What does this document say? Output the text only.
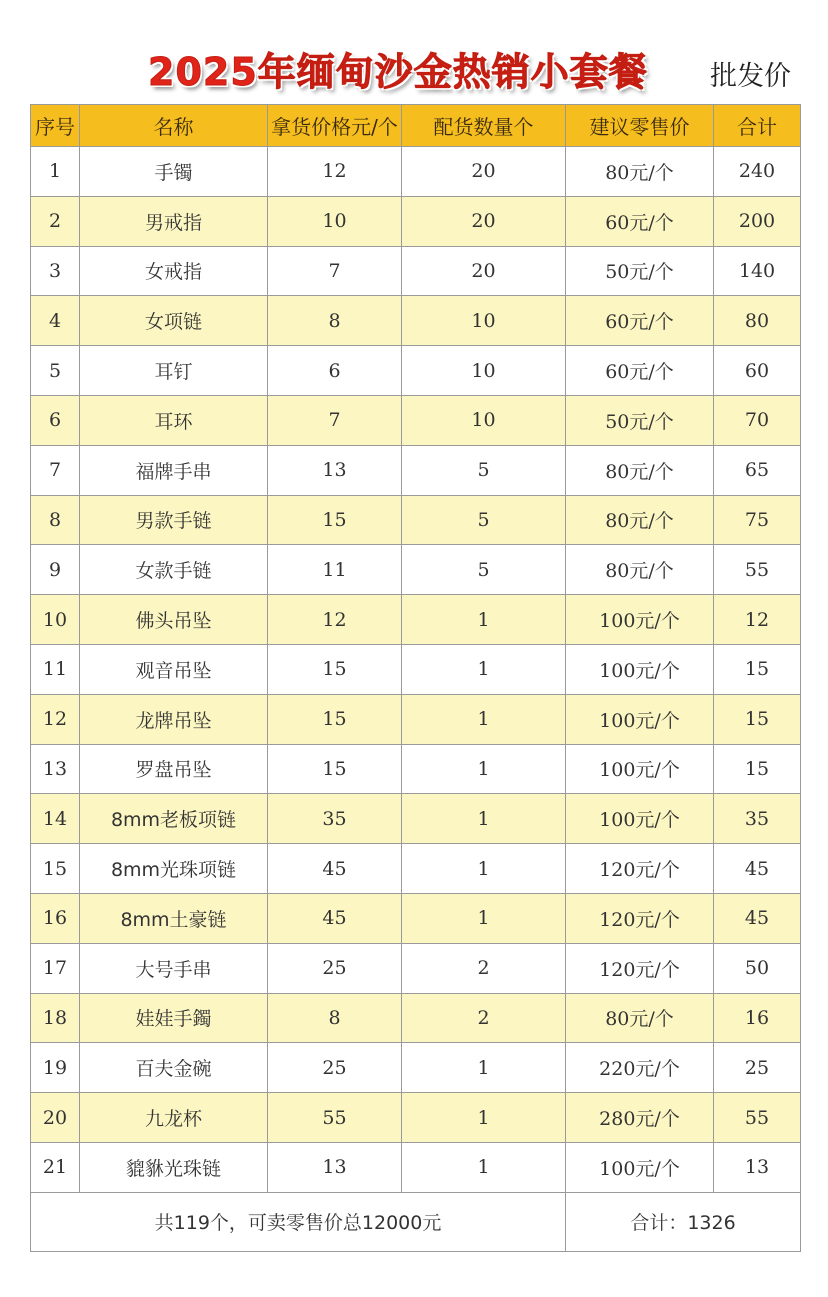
2025年缅甸沙金热销小套餐	批发价
序号	名称	拿货价格元/个	配货数量个	建议零售价	合计
1	手镯	12	20	80元/个	240
2	男戒指	10	20	60元/个	200
3	女戒指	7	20	50元/个	140
4	女项链	8	10	60元/个	80
5	耳钉	6	10	60元/个	60
6	耳环	7	10	50元/个	70
7	福牌手串	13	5	80元/个	65
8	男款手链	15	5	80元/个	75
9	女款手链	11	5	80元/个	55
10	佛头吊坠	12	1	100元/个	12
11	观音吊坠	15	1	100元/个	15
12	龙牌吊坠	15	1	100元/个	15
13	罗盘吊坠	15	1	100元/个	15
14	8mm老板项链	35	1	100元/个	35
15	8mm光珠项链	45	1	120元/个	45
16	8mm土豪链	45	1	120元/个	45
17	大号手串	25	2	120元/个	50
18	娃娃手鐲	8	2	80元/个	16
19	百夫金碗	25	1	220元/个	25
20	九龙杯	55	1	280元/个	55
21	貔貅光珠链	13	1	100元/个	13
共119个，可卖零售价总12000元				合计：1326	
